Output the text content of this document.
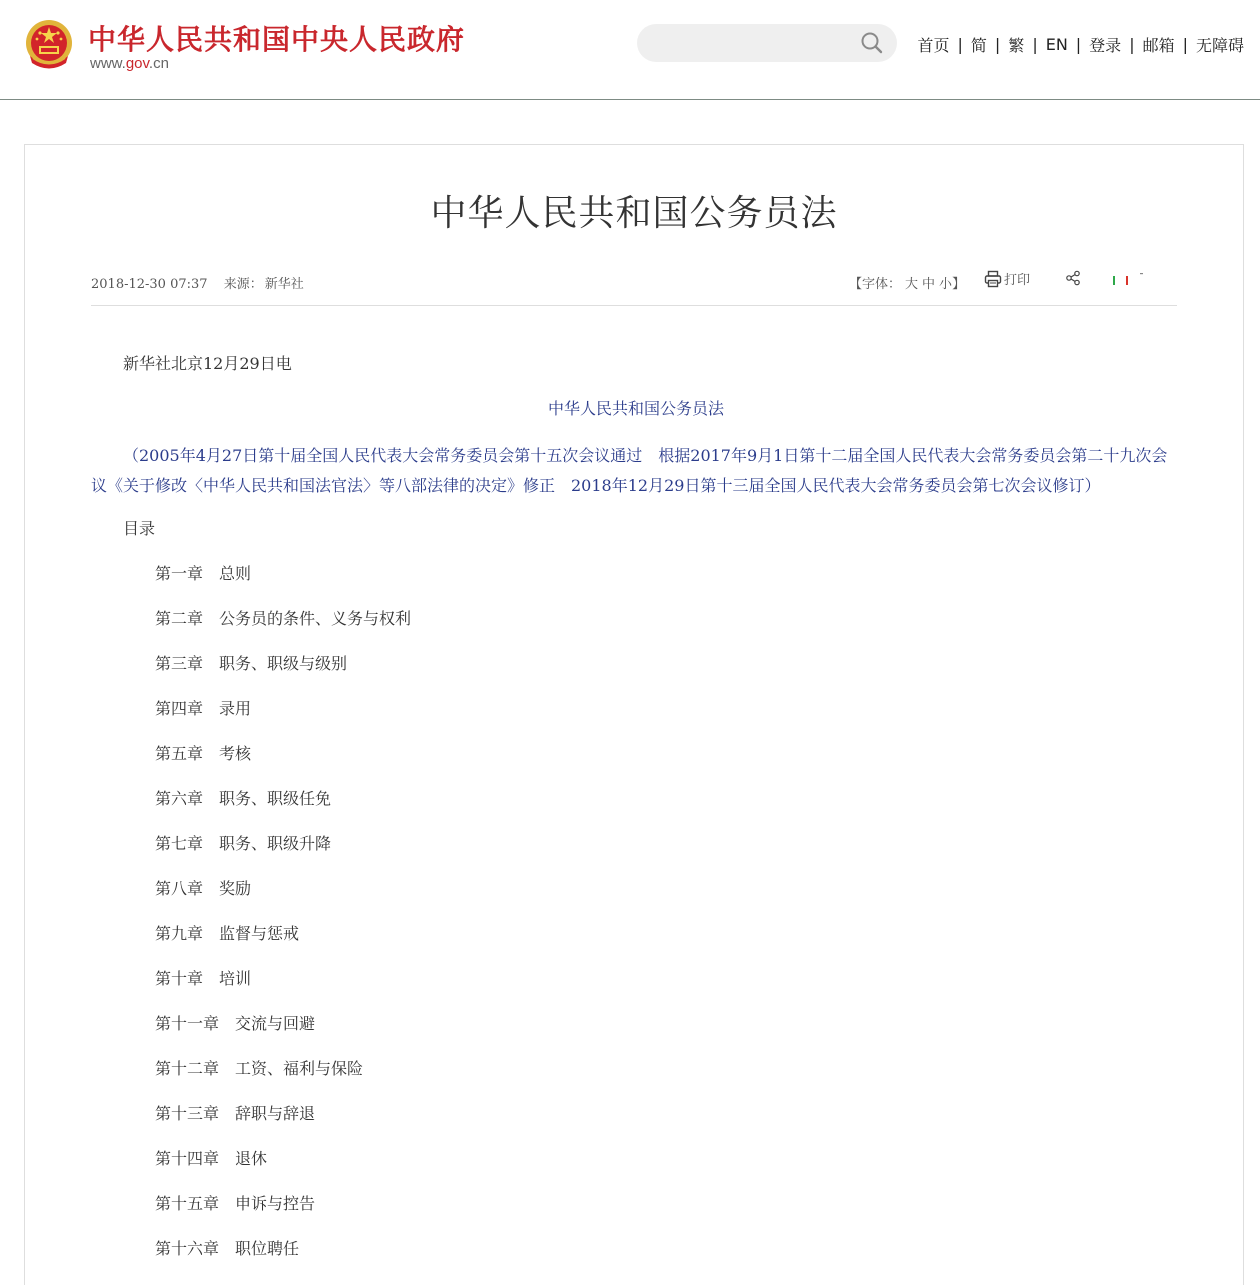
中华人民共和国中央人民政府
www.gov.cn
首页 | 简 | 繁 | EN | 登录 | 邮箱 | 无障碍
中华人民共和国公务员法
2018-12-30 07:37 来源： 新华社	【字体： 大 中 小】	打印

新华社北京12月29日电

中华人民共和国公务员法

（2005年4月27日第十届全国人民代表大会常务委员会第十五次会议通过　根据2017年9月1日第十二届全国人民代表大会常务委员会第二十九次会议《关于修改〈中华人民共和国法官法〉等八部法律的决定》修正　2018年12月29日第十三届全国人民代表大会常务委员会第七次会议修订）

目录

第一章 总则

第二章 公务员的条件、义务与权利

第三章 职务、职级与级别

第四章 录用

第五章 考核

第六章 职务、职级任免

第七章 职务、职级升降

第八章 奖励

第九章 监督与惩戒

第十章 培训

第十一章 交流与回避

第十二章 工资、福利与保险

第十三章 辞职与辞退

第十四章 退休

第十五章 申诉与控告

第十六章 职位聘任
